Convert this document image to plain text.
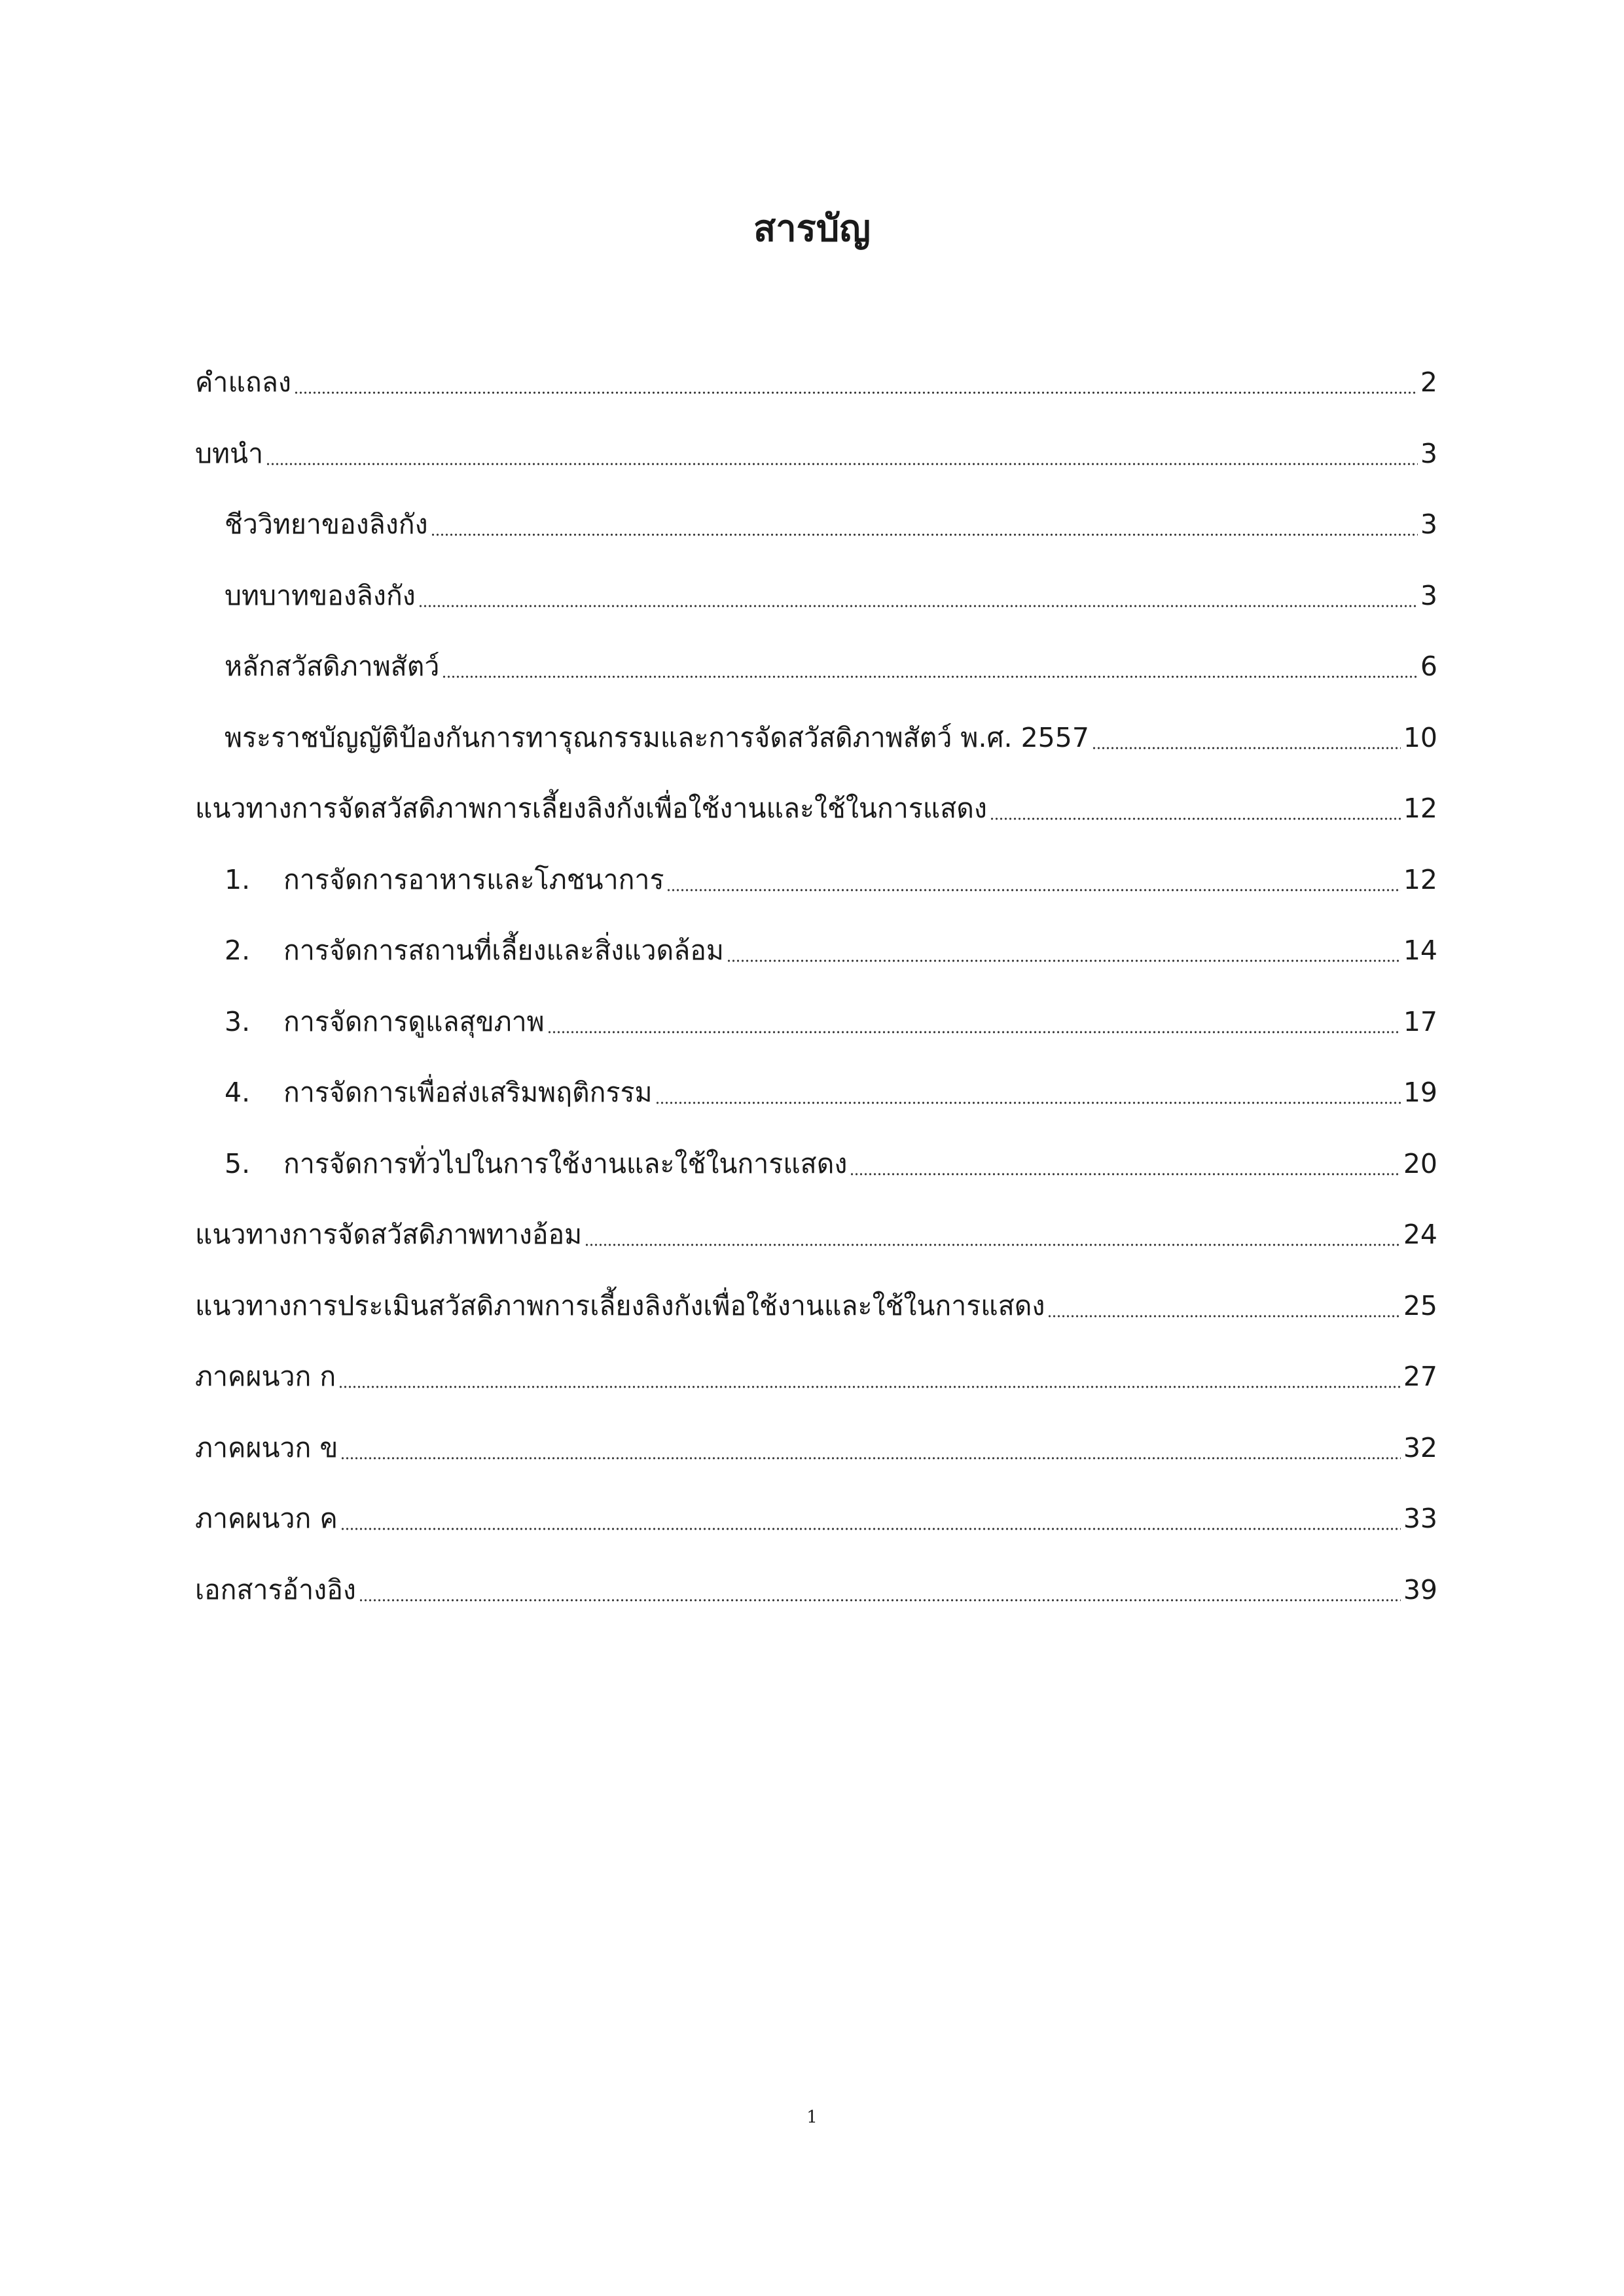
สารบัญ
คำแถลง	2
บทนำ	3
ชีววิทยาของลิงกัง	3
บทบาทของลิงกัง	3
หลักสวัสดิภาพสัตว์	6
พระราชบัญญัติป้องกันการทารุณกรรมและการจัดสวัสดิภาพสัตว์ พ.ศ. 2557	10
แนวทางการจัดสวัสดิภาพการเลี้ยงลิงกังเพื่อใช้งานและใช้ในการแสดง	12
1.	การจัดการอาหารและโภชนาการ	12
2.	การจัดการสถานที่เลี้ยงและสิ่งแวดล้อม	14
3.	การจัดการดูแลสุขภาพ	17
4.	การจัดการเพื่อส่งเสริมพฤติกรรม	19
5.	การจัดการทั่วไปในการใช้งานและใช้ในการแสดง	20
แนวทางการจัดสวัสดิภาพทางอ้อม	24
แนวทางการประเมินสวัสดิภาพการเลี้ยงลิงกังเพื่อใช้งานและใช้ในการแสดง	25
ภาคผนวก ก	27
ภาคผนวก ข	32
ภาคผนวก ค	33
เอกสารอ้างอิง	39
1
